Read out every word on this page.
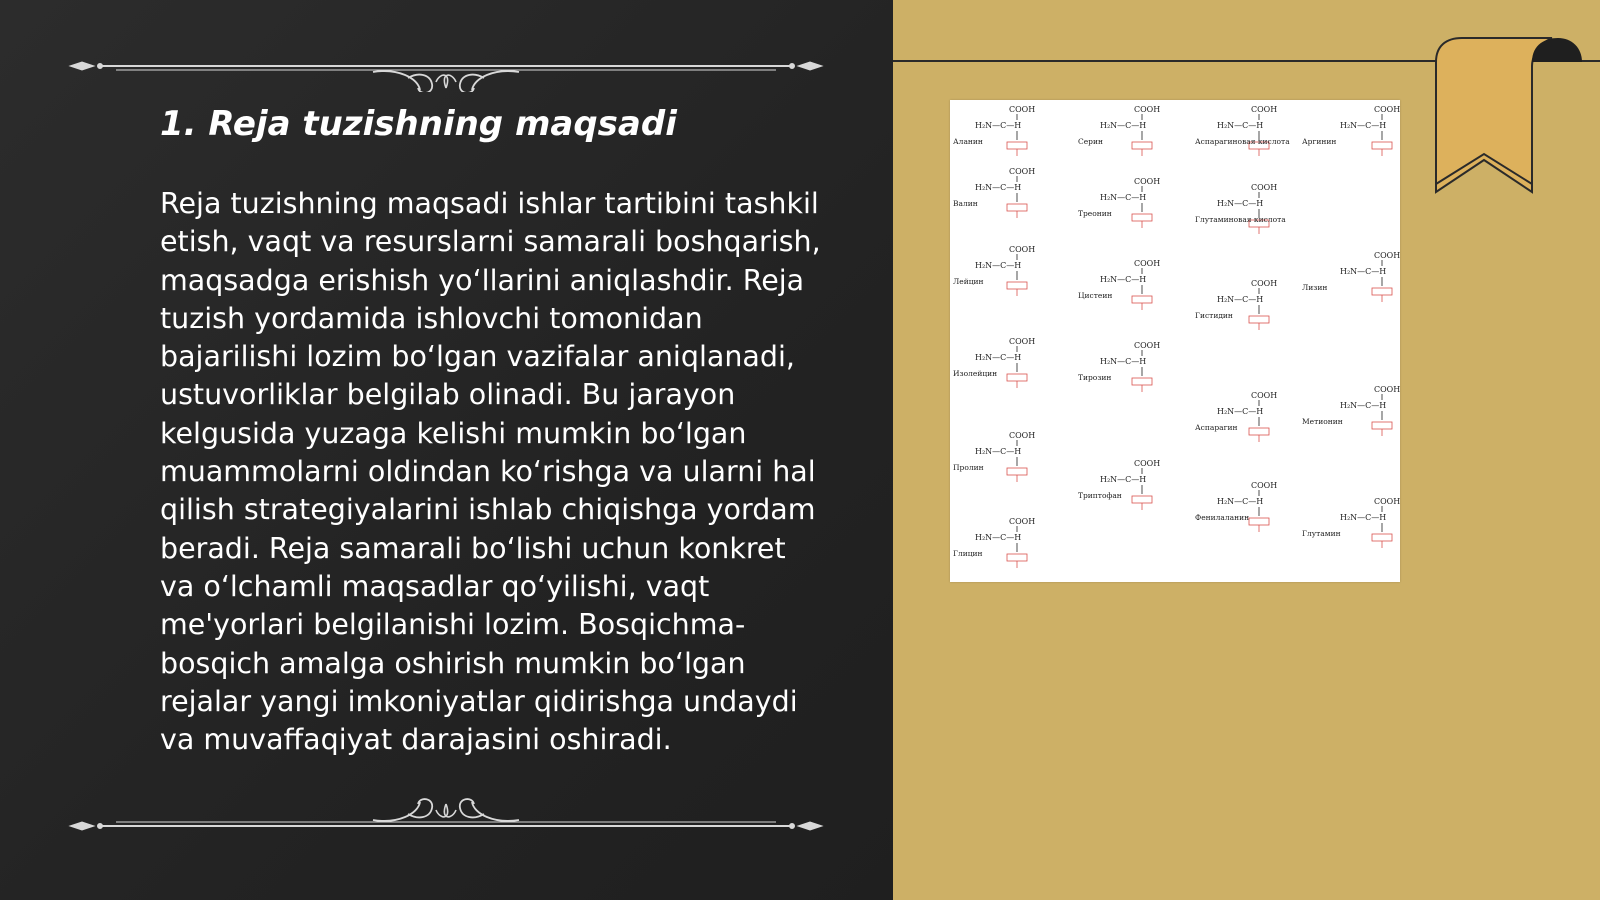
1. Reja tuzishning maqsadi

Reja tuzishning maqsadi ishlar tartibini tashkil etish, vaqt va resurslarni samarali boshqarish, maqsadga erishish yo‘llarini aniqlashdir. Reja tuzish yordamida ishlovchi tomonidan bajarilishi lozim bo‘lgan vazifalar aniqlanadi, ustuvorliklar belgilab olinadi. Bu jarayon kelgusida yuzaga kelishi mumkin bo‘lgan muammolarni oldindan ko‘rishga va ularni hal qilish strategiyalarini ishlab chiqishga yordam beradi. Reja samarali bo‘lishi uchun konkret va o‘lchamli maqsadlar qo‘yilishi, vaqt me'yorlari belgilanishi lozim. Bosqichma-bosqich amalga oshirish mumkin bo‘lgan rejalar yangi imkoniyatlar qidirishga undaydi va muvaffaqiyat darajasini oshiradi.

COOH
H₂N—C—H
Аланин
COOH
H₂N—C—H
Валин
COOH
H₂N—C—H
Лейцин
COOH
H₂N—C—H
Изолейцин
COOH
H₂N—C—H
Пролин
COOH
H₂N—C—H
Глицин
COOH
H₂N—C—H
Серин
COOH
H₂N—C—H
Треонин
COOH
H₂N—C—H
Цистеин
COOH
H₂N—C—H
Тирозин
COOH
H₂N—C—H
Триптофан
COOH
H₂N—C—H
Аспарагиновая кислота
COOH
H₂N—C—H
Глутаминовая кислота
COOH
H₂N—C—H
Гистидин
COOH
H₂N—C—H
Аспарагин
COOH
H₂N—C—H
Фенилаланин
COOH
H₂N—C—H
Аргинин
COOH
H₂N—C—H
Лизин
COOH
H₂N—C—H
Метионин
COOH
H₂N—C—H
Глутамин
